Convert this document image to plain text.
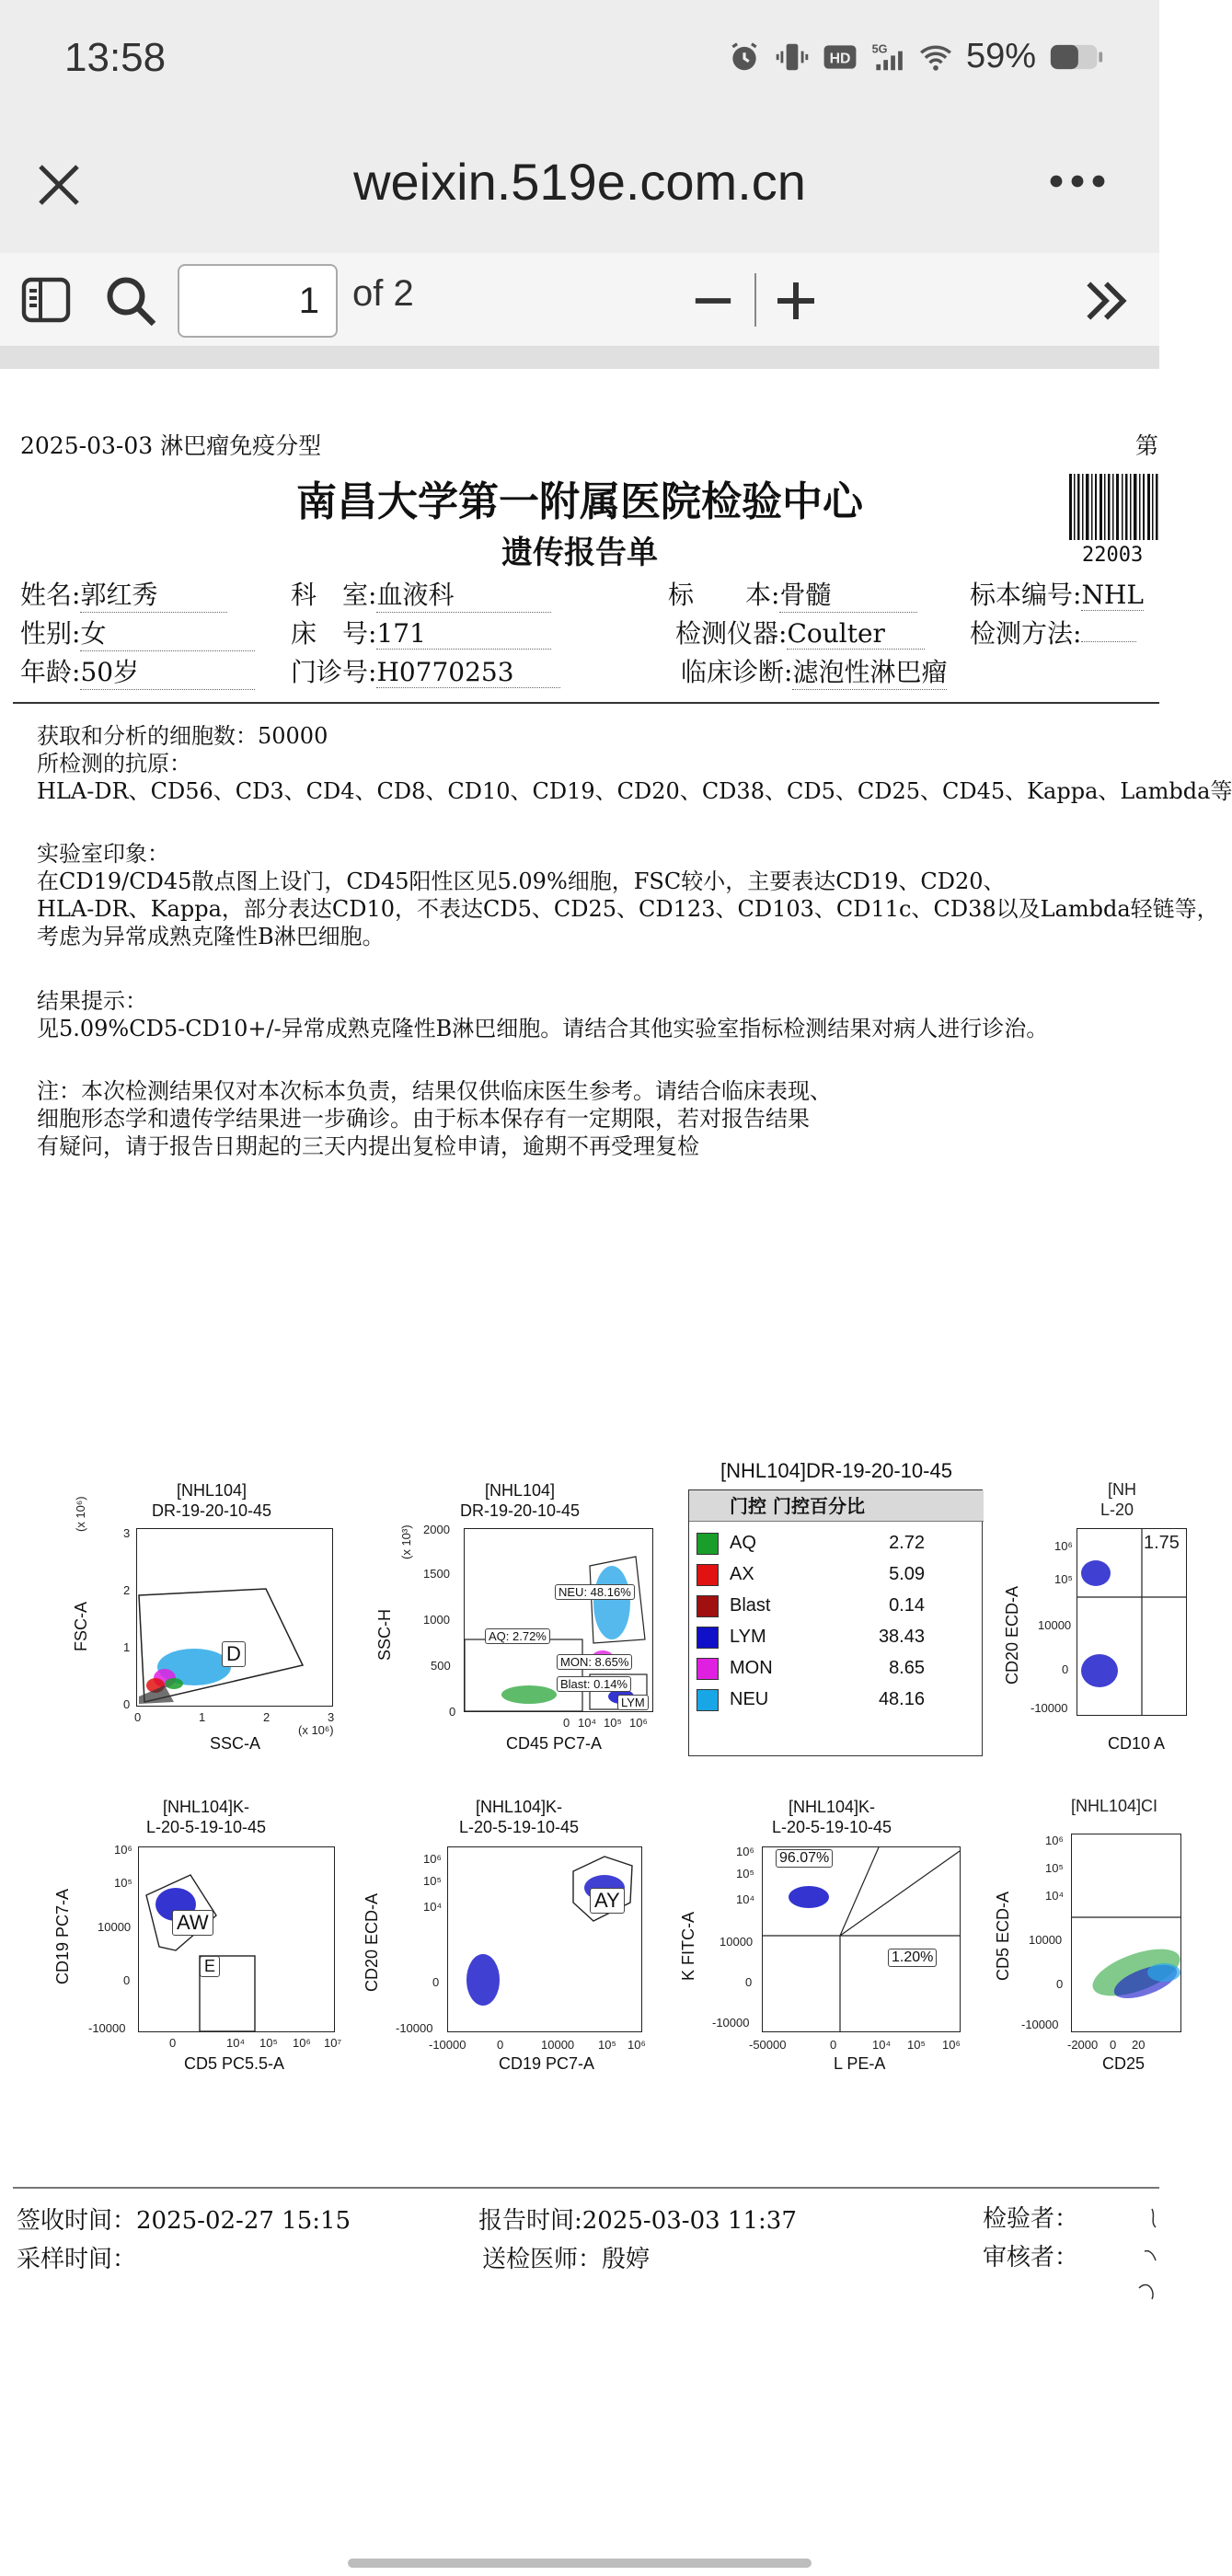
13:58	HD
5G 59%
weixin.519e.com.cn
1 of 2
2025-03-03 淋巴瘤免疫分型	第
南昌大学第一附属医院检验中心
遗传报告单	22003
姓名:郭红秀	科　室:血液科	标　　本:骨髓	标本编号:NHL
性别:女	床　号:171	检测仪器:Coulter	检测方法:
年龄:50岁	门诊号:H0770253	临床诊断:滤泡性淋巴瘤
获取和分析的细胞数：50000
所检测的抗原：
HLA-DR、CD56、CD3、CD4、CD8、CD10、CD19、CD20、CD38、CD5、CD25、CD45、Kappa、Lambda等
实验室印象：
在CD19/CD45散点图上设门，CD45阳性区见5.09%细胞，FSC较小，主要表达CD19、CD20、
HLA-DR、Kappa，部分表达CD10，不表达CD5、CD25、CD123、CD103、CD11c、CD38以及Lambda轻链等，
考虑为异常成熟克隆性B淋巴细胞。
结果提示：
见5.09%CD5-CD10+/-异常成熟克隆性B淋巴细胞。请结合其他实验室指标检测结果对病人进行诊治。
注：本次检测结果仅对本次标本负责，结果仅供临床医生参考。请结合临床表现、
细胞形态学和遗传学结果进一步确诊。由于标本保存有一定期限，若对报告结果
有疑问，请于报告日期起的三天内提出复检申请，逾期不再受理复检
[NHL104]
DR-19-20-10-45
D
FSC-A
(x 10⁶)
0
1
2
3
0	1	2	3
(x 10⁶)
SSC-A
[NHL104]
DR-19-20-10-45
NEU: 48.16%
AQ: 2.72%
MON: 8.65%
Blast: 0.14%
LYM
SSC-H
(x 10³) 2000
1500
1000
500
0
0 10⁴ 10⁵ 10⁶
CD45 PC7-A
[NHL104]DR-19-20-10-45
门控 门控百分比
AQ	2.72
AX	5.09
Blast	0.14
LYM	38.43
MON	8.65
NEU	48.16
[NH
L-20
1.75
CD20 ECD-A
10⁶
10⁵
10000
0
-10000
CD10 A
[NHL104]K-
L-20-5-19-10-45
AW
E
CD19 PC7-A
10⁶
10⁵
10000
0
-10000
0	10⁴ 10⁵ 10⁶ 10⁷
CD5 PC5.5-A
[NHL104]K-
L-20-5-19-10-45
AY
CD20 ECD-A
10⁶
10⁵
10⁴
0
-10000
-10000	0	10000 10⁵ 10⁶
CD19 PC7-A
[NHL104]K-
L-20-5-19-10-45
96.07%
1.20%
K FITC-A
10⁶
10⁵
10⁴
10000
0
-10000
-50000	0	10⁴ 10⁵ 10⁶
L PE-A
[NHL104]CI
CD5 ECD-A
10⁶
10⁵
10⁴
10000
0
-10000
-2000 0 20
CD25
签收时间：2025-02-27 15:15	报告时间:2025-03-03 11:37	检验者：
采样时间：	送检医师：殷婷	审核者：
